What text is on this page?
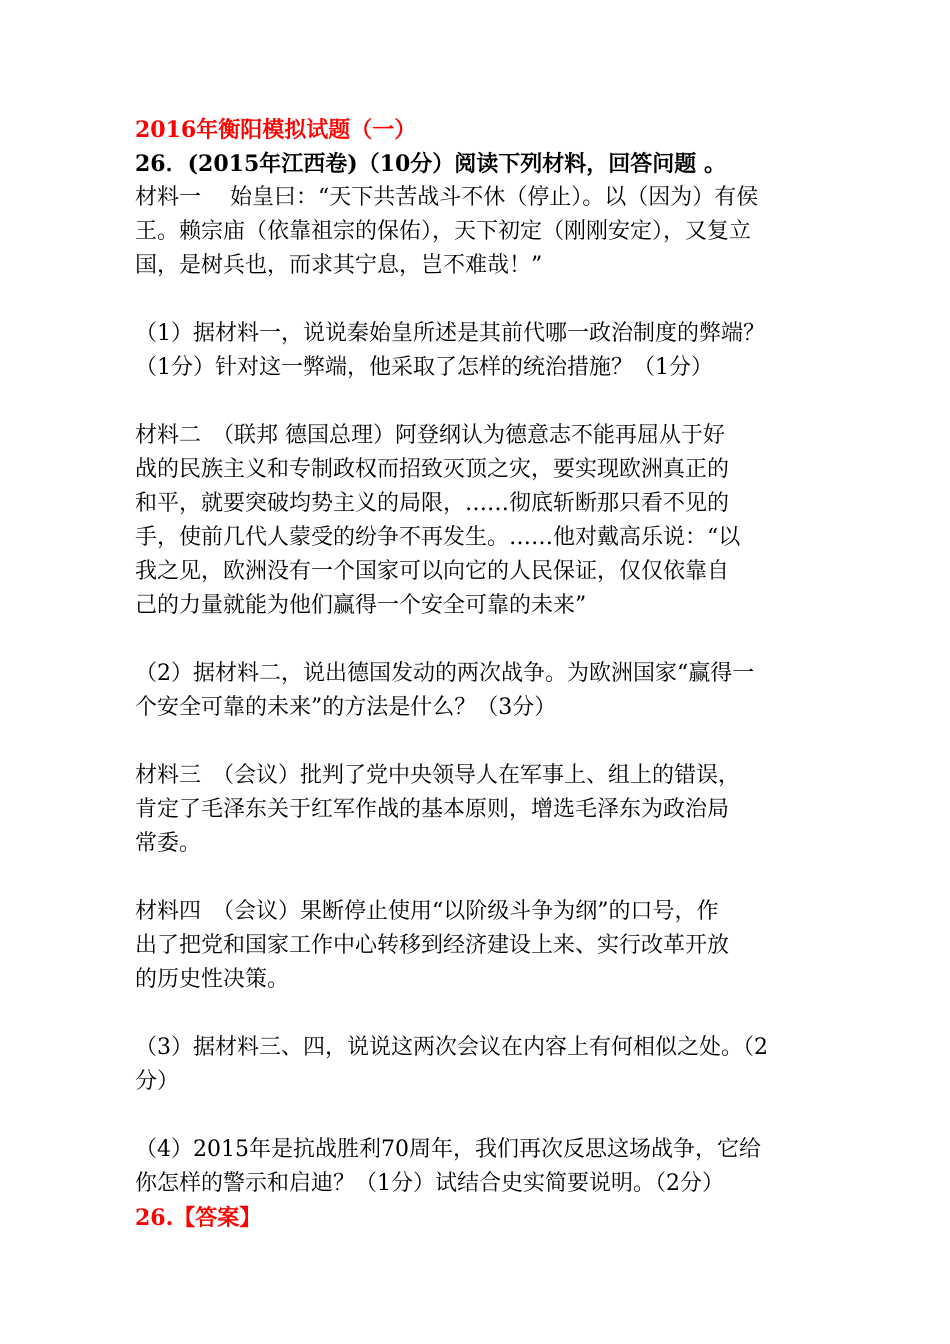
2016年衡阳模拟试题（一）

26．(2015年江西卷)（10分）阅读下列材料，回答问题 。

材料一　 始皇曰：“天下共苦战斗不休（停止）。以（因为）有侯

王。赖宗庙（依靠祖宗的保佑），天下初定（刚刚安定），又复立

国，是树兵也，而求其宁息，岂不难哉！”

（1）据材料一，说说秦始皇所述是其前代哪一政治制度的弊端？

（1分）针对这一弊端，他采取了怎样的统治措施？（1分）

材料二　（联邦 德国总理）阿登纲认为德意志不能再屈从于好

战的民族主义和专制政权而招致灭顶之灾，要实现欧洲真正的

和平，就要突破均势主义的局限，……彻底斩断那只看不见的

手，使前几代人蒙受的纷争不再发生。……他对戴高乐说：“以

我之见，欧洲没有一个国家可以向它的人民保证，仅仅依靠自

己的力量就能为他们赢得一个安全可靠的未来”

（2）据材料二，说出德国发动的两次战争。为欧洲国家“赢得一

个安全可靠的未来”的方法是什么？（3分）

材料三　（会议）批判了党中央领导人在军事上、组上的错误，

肯定了毛泽东关于红军作战的基本原则，增选毛泽东为政治局

常委。

材料四　（会议）果断停止使用“以阶级斗争为纲”的口号，作

出了把党和国家工作中心转移到经济建设上来、实行改革开放

的历史性决策。

（3）据材料三、四，说说这两次会议在内容上有何相似之处。（2

分）

（4）2015年是抗战胜利70周年，我们再次反思这场战争，它给

你怎样的警示和启迪？（1分）试结合史实简要说明。（2分）

26.【答案】
